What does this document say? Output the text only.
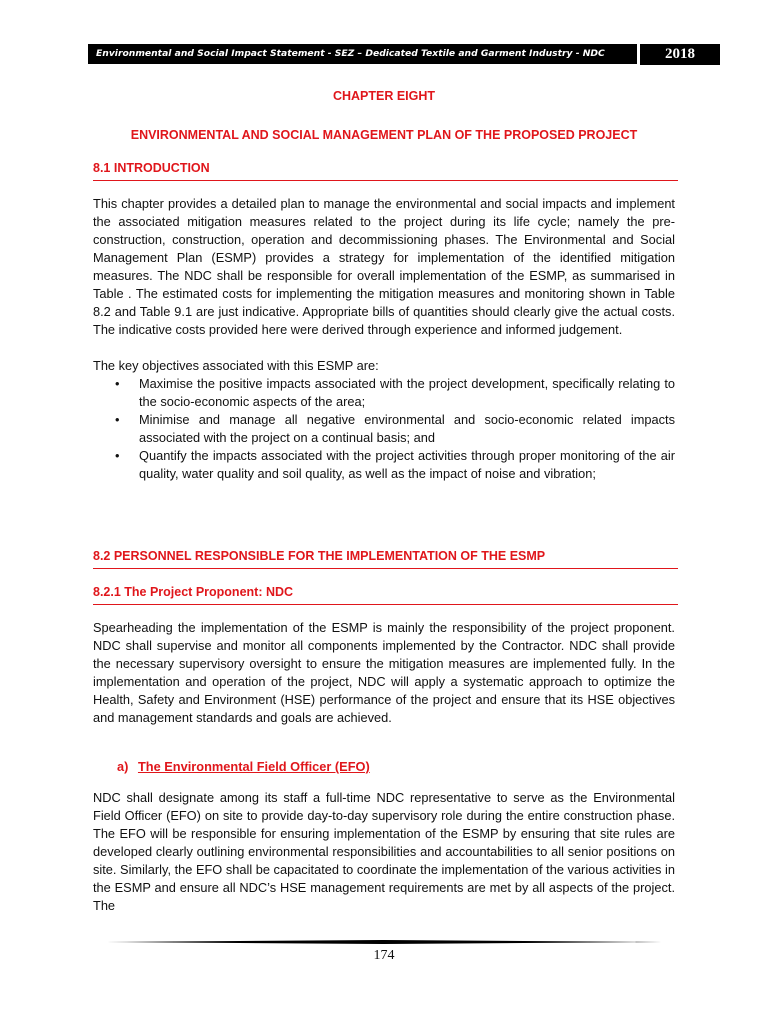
Environmental and Social Impact Statement - SEZ – Dedicated Textile and Garment Industry - NDC	2018
CHAPTER EIGHT
ENVIRONMENTAL AND SOCIAL MANAGEMENT PLAN OF THE PROPOSED PROJECT
8.1 INTRODUCTION

This chapter provides a detailed plan to manage the environmental and social impacts and implement the associated mitigation measures related to the project during its life cycle; namely the pre-construction, construction, operation and decommissioning phases. The Environmental and Social Management Plan (ESMP) provides a strategy for implementation of the identified mitigation measures. The NDC shall be responsible for overall implementation of the ESMP, as summarised in Table . The estimated costs for implementing the mitigation measures and monitoring shown in Table 8.2 and Table 9.1 are just indicative. Appropriate bills of quantities should clearly give the actual costs. The indicative costs provided here were derived through experience and informed judgement.

The key objectives associated with this ESMP are:

• Maximise the positive impacts associated with the project development, specifically relating to the socio-economic aspects of the area;
• Minimise and manage all negative environmental and socio-economic related impacts associated with the project on a continual basis; and
• Quantify the impacts associated with the project activities through proper monitoring of the air quality, water quality and soil quality, as well as the impact of noise and vibration;
8.2 PERSONNEL RESPONSIBLE FOR THE IMPLEMENTATION OF THE ESMP
8.2.1 The Project Proponent: NDC

Spearheading the implementation of the ESMP is mainly the responsibility of the project proponent. NDC shall supervise and monitor all components implemented by the Contractor. NDC shall provide the necessary supervisory oversight to ensure the mitigation measures are implemented fully. In the implementation and operation of the project, NDC will apply a systematic approach to optimize the Health, Safety and Environment (HSE) performance of the project and ensure that its HSE objectives and management standards and goals are achieved.

a) The Environmental Field Officer (EFO)

NDC shall designate among its staff a full-time NDC representative to serve as the Environmental Field Officer (EFO) on site to provide day-to-day supervisory role during the entire construction phase. The EFO will be responsible for ensuring implementation of the ESMP by ensuring that site rules are developed clearly outlining environmental responsibilities and accountabilities to all senior positions on site. Similarly, the EFO shall be capacitated to coordinate the implementation of the various activities in the ESMP and ensure all NDC’s HSE management requirements are met by all aspects of the project. The

174
